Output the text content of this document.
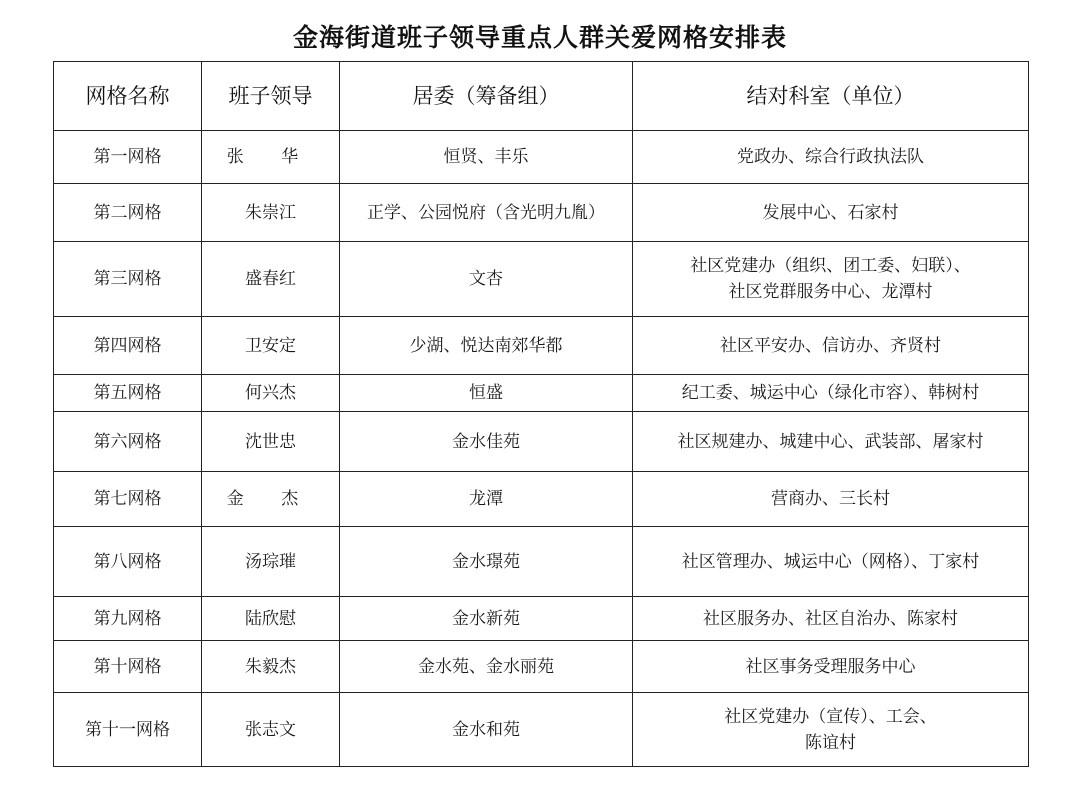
金海街道班子领导重点人群关爱网格安排表
网格名称	班子领导	居委（筹备组）	结对科室（单位）
第一网格	张 华	恒贤、丰乐	党政办、综合行政执法队

第二网格	朱崇江	正学、公园悦府（含光明九胤）	发展中心、石家村

第三网格	盛春红	文杏	社区党建办（组织、团工委、妇联）、
社区党群服务中心、龙潭村

第四网格	卫安定	少湖、悦达南郊华都	社区平安办、信访办、齐贤村

第五网格	何兴杰	恒盛	纪工委、城运中心（绿化市容）、韩树村

第六网格	沈世忠	金水佳苑	社区规建办、城建中心、武装部、屠家村

第七网格	金 杰	龙潭	营商办、三长村

第八网格	汤琮璀	金水璟苑	社区管理办、城运中心（网格）、丁家村

第九网格	陆欣慰	金水新苑	社区服务办、社区自治办、陈家村

第十网格	朱毅杰	金水苑、金水丽苑	社区事务受理服务中心

第十一网格	张志文	金水和苑	社区党建办（宣传）、工会、
陈谊村
